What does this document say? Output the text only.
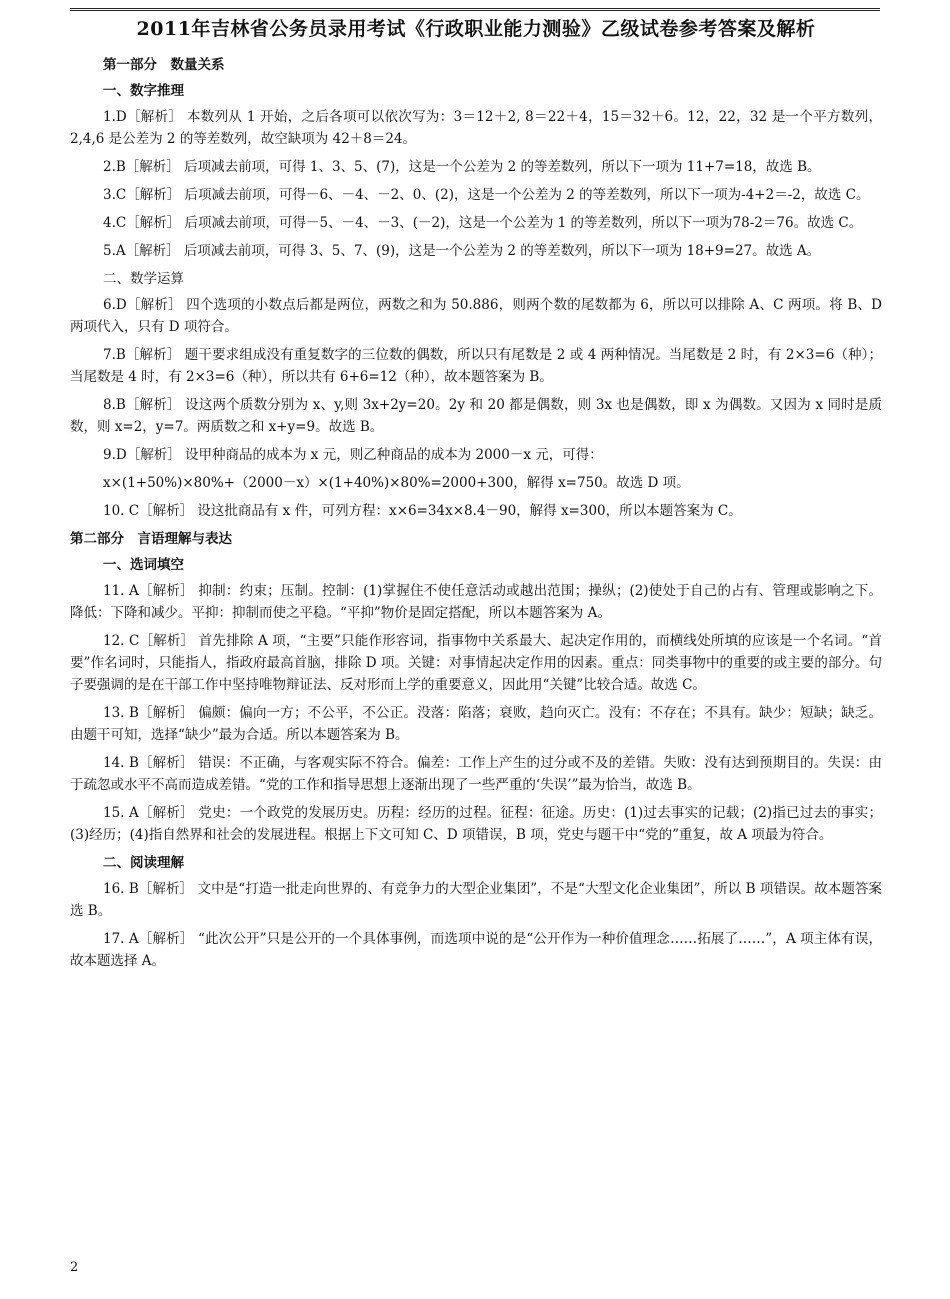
2011年吉林省公务员录用考试《行政职业能力测验》乙级试卷参考答案及解析
第一部分　数量关系
一、数字推理

1.D［解析］ 本数列从 1 开始，之后各项可以依次写为：3＝12＋2, 8＝22＋4，15＝32＋6。12，22，32 是一个平方数列，2,4,6 是公差为 2 的等差数列，故空缺项为 42＋8＝24。

2.B［解析］ 后项减去前项，可得 1、3、5、(7)，这是一个公差为 2 的等差数列，所以下一项为 11+7=18，故选 B。

3.C［解析］ 后项减去前项，可得－6、－4、－2、0、(2)，这是一个公差为 2 的等差数列，所以下一项为-4+2＝-2，故选 C。

4.C［解析］ 后项减去前项，可得－5、－4、－3、(－2)，这是一个公差为 1 的等差数列，所以下一项为78-2＝76。故选 C。

5.A［解析］ 后项减去前项，可得 3、5、7、(9)，这是一个公差为 2 的等差数列，所以下一项为 18+9=27。故选 A。

二、数学运算

6.D［解析］ 四个选项的小数点后都是两位，两数之和为 50.886，则两个数的尾数都为 6，所以可以排除 A、C 两项。将 B、D 两项代入，只有 D 项符合。

7.B［解析］ 题干要求组成没有重复数字的三位数的偶数，所以只有尾数是 2 或 4 两种情况。当尾数是 2 时，有 2×3=6（种）；当尾数是 4 时，有 2×3=6（种），所以共有 6+6=12（种），故本题答案为 B。

8.B［解析］ 设这两个质数分别为 x、y,则 3x+2y=20。2y 和 20 都是偶数，则 3x 也是偶数，即 x 为偶数。又因为 x 同时是质数，则 x=2，y=7。两质数之和 x+y=9。故选 B。

9.D［解析］ 设甲种商品的成本为 x 元，则乙种商品的成本为 2000－x 元，可得：

x×(1+50%)×80%+（2000－x）×(1+40%)×80%=2000+300，解得 x=750。故选 D 项。

10. C［解析］ 设这批商品有 x 件，可列方程：x×6=34x×8.4－90，解得 x=300，所以本题答案为 C。

第二部分　言语理解与表达
一、选词填空

11. A［解析］ 抑制：约束；压制。控制：(1)掌握住不使任意活动或越出范围；操纵；(2)使处于自己的占有、管理或影响之下。降低：下降和减少。平抑：抑制而使之平稳。“平抑”物价是固定搭配，所以本题答案为 A。

12. C［解析］ 首先排除 A 项，“主要”只能作形容词，指事物中关系最大、起决定作用的，而横线处所填的应该是一个名词。“首要”作名词时，只能指人，指政府最高首脑，排除 D 项。关键：对事情起决定作用的因素。重点：同类事物中的重要的或主要的部分。句子要强调的是在干部工作中坚持唯物辩证法、反对形而上学的重要意义，因此用“关键”比较合适。故选 C。

13. B［解析］ 偏颇：偏向一方；不公平，不公正。没落：陷落；衰败，趋向灭亡。没有：不存在；不具有。缺少：短缺；缺乏。由题干可知，选择“缺少”最为合适。所以本题答案为 B。

14. B［解析］ 错误：不正确，与客观实际不符合。偏差：工作上产生的过分或不及的差错。失败：没有达到预期目的。失误：由于疏忽或水平不高而造成差错。“党的工作和指导思想上逐渐出现了一些严重的‘失误’”最为恰当，故选 B。

15. A［解析］ 党史：一个政党的发展历史。历程：经历的过程。征程：征途。历史：(1)过去事实的记载；(2)指已过去的事实；(3)经历；(4)指自然界和社会的发展进程。根据上下文可知 C、D 项错误，B 项，党史与题干中“党的”重复，故 A 项最为符合。

二、阅读理解

16. B［解析］ 文中是“打造一批走向世界的、有竞争力的大型企业集团”，不是“大型文化企业集团”，所以 B 项错误。故本题答案选 B。

17. A［解析］ “此次公开”只是公开的一个具体事例，而选项中说的是“公开作为一种价值理念……拓展了……”，A 项主体有误，故本题选择 A。

2
